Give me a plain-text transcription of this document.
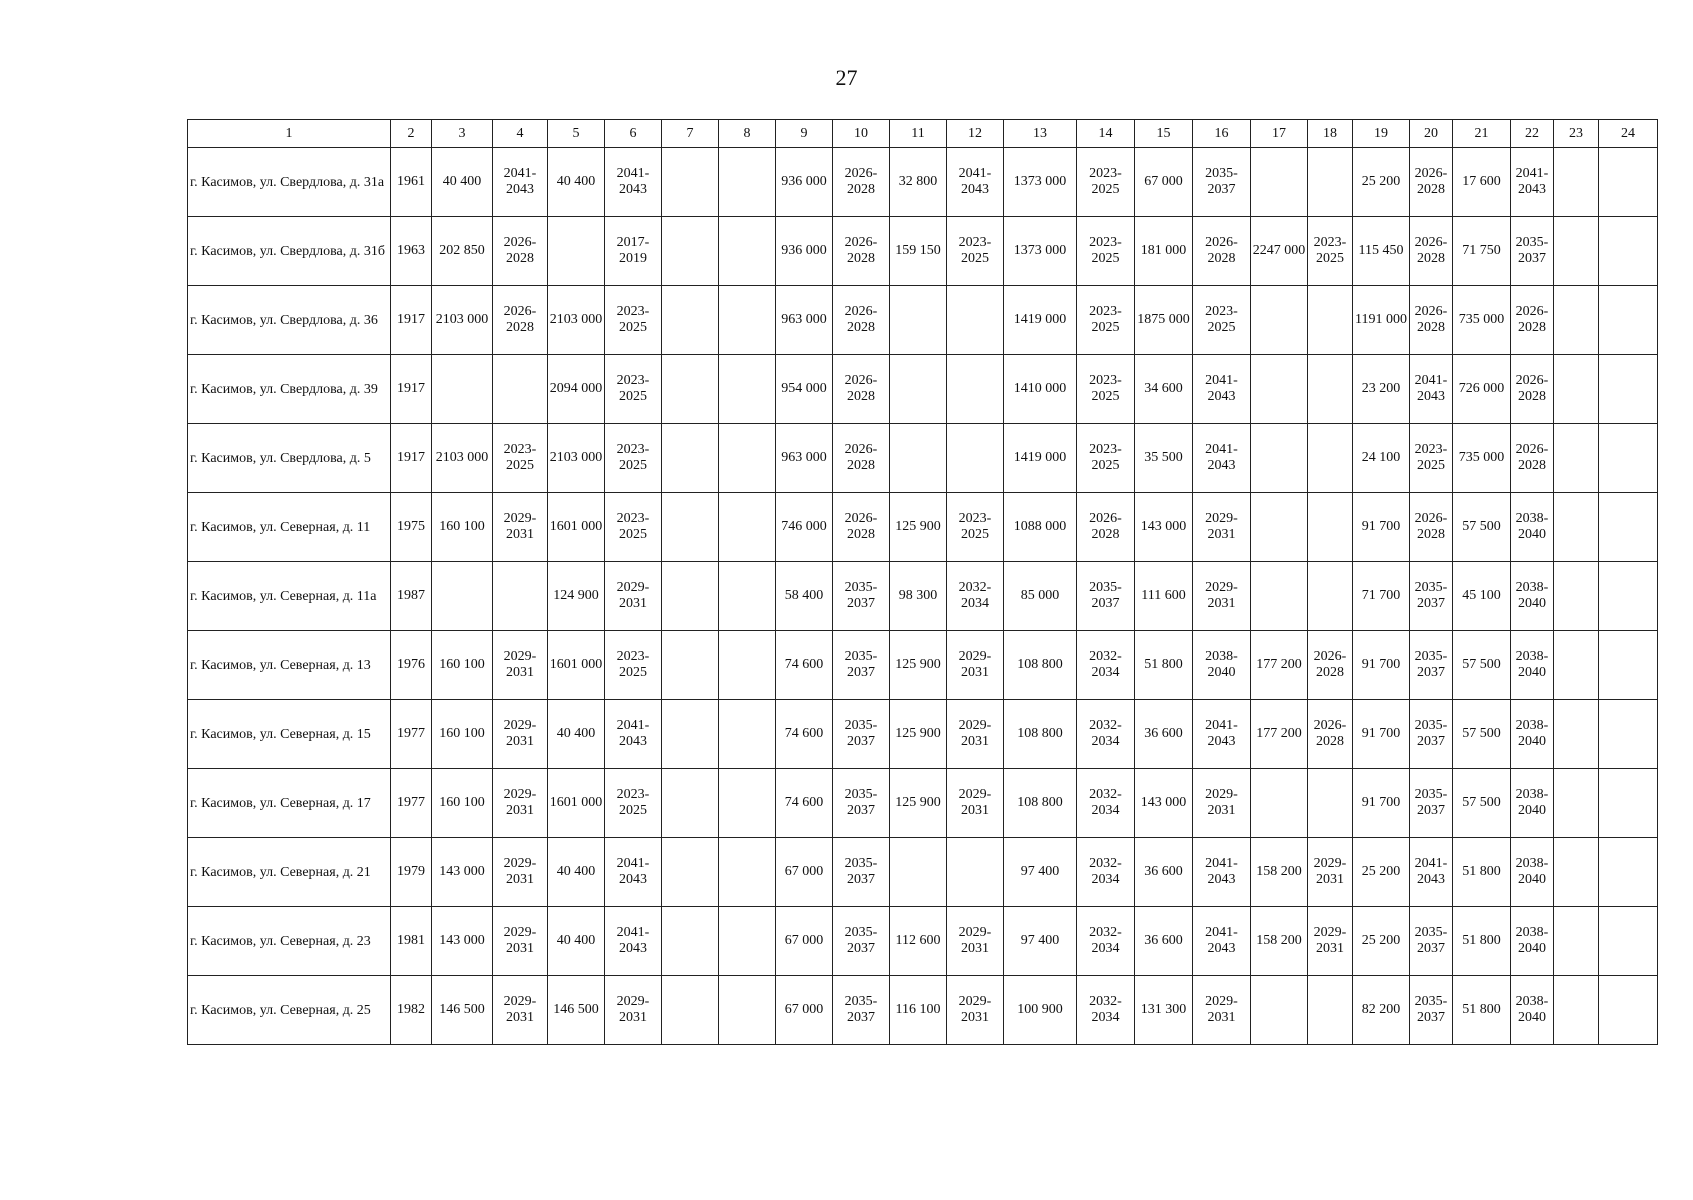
27
1	2	3	4	5	6	7	8	9	10	11	12	13	14	15	16	17	18	19	20	21	22	23	24
г. Касимов, ул. Свердлова, д. 31а	1961	40 400	2041-2043	40 400	2041-2043			936 000	2026-2028	32 800	2041-2043	1373 000	2023-2025	67 000	2035-2037			25 200	2026-2028	17 600	2041-2043		
г. Касимов, ул. Свердлова, д. 31б	1963	202 850	2026-2028		2017-2019			936 000	2026-2028	159 150	2023-2025	1373 000	2023-2025	181 000	2026-2028	2247 000	2023-2025	115 450	2026-2028	71 750	2035-2037		
г. Касимов, ул. Свердлова, д. 36	1917	2103 000	2026-2028	2103 000	2023-2025			963 000	2026-2028			1419 000	2023-2025	1875 000	2023-2025			1191 000	2026-2028	735 000	2026-2028		
г. Касимов, ул. Свердлова, д. 39	1917			2094 000	2023-2025			954 000	2026-2028			1410 000	2023-2025	34 600	2041-2043			23 200	2041-2043	726 000	2026-2028		
г. Касимов, ул. Свердлова, д. 5	1917	2103 000	2023-2025	2103 000	2023-2025			963 000	2026-2028			1419 000	2023-2025	35 500	2041-2043			24 100	2023-2025	735 000	2026-2028		
г. Касимов, ул. Северная, д. 11	1975	160 100	2029-2031	1601 000	2023-2025			746 000	2026-2028	125 900	2023-2025	1088 000	2026-2028	143 000	2029-2031			91 700	2026-2028	57 500	2038-2040		
г. Касимов, ул. Северная, д. 11а	1987			124 900	2029-2031			58 400	2035-2037	98 300	2032-2034	85 000	2035-2037	111 600	2029-2031			71 700	2035-2037	45 100	2038-2040		
г. Касимов, ул. Северная, д. 13	1976	160 100	2029-2031	1601 000	2023-2025			74 600	2035-2037	125 900	2029-2031	108 800	2032-2034	51 800	2038-2040	177 200	2026-2028	91 700	2035-2037	57 500	2038-2040		
г. Касимов, ул. Северная, д. 15	1977	160 100	2029-2031	40 400	2041-2043			74 600	2035-2037	125 900	2029-2031	108 800	2032-2034	36 600	2041-2043	177 200	2026-2028	91 700	2035-2037	57 500	2038-2040		
г. Касимов, ул. Северная, д. 17	1977	160 100	2029-2031	1601 000	2023-2025			74 600	2035-2037	125 900	2029-2031	108 800	2032-2034	143 000	2029-2031			91 700	2035-2037	57 500	2038-2040		
г. Касимов, ул. Северная, д. 21	1979	143 000	2029-2031	40 400	2041-2043			67 000	2035-2037			97 400	2032-2034	36 600	2041-2043	158 200	2029-2031	25 200	2041-2043	51 800	2038-2040		
г. Касимов, ул. Северная, д. 23	1981	143 000	2029-2031	40 400	2041-2043			67 000	2035-2037	112 600	2029-2031	97 400	2032-2034	36 600	2041-2043	158 200	2029-2031	25 200	2035-2037	51 800	2038-2040		
г. Касимов, ул. Северная, д. 25	1982	146 500	2029-2031	146 500	2029-2031			67 000	2035-2037	116 100	2029-2031	100 900	2032-2034	131 300	2029-2031			82 200	2035-2037	51 800	2038-2040		
